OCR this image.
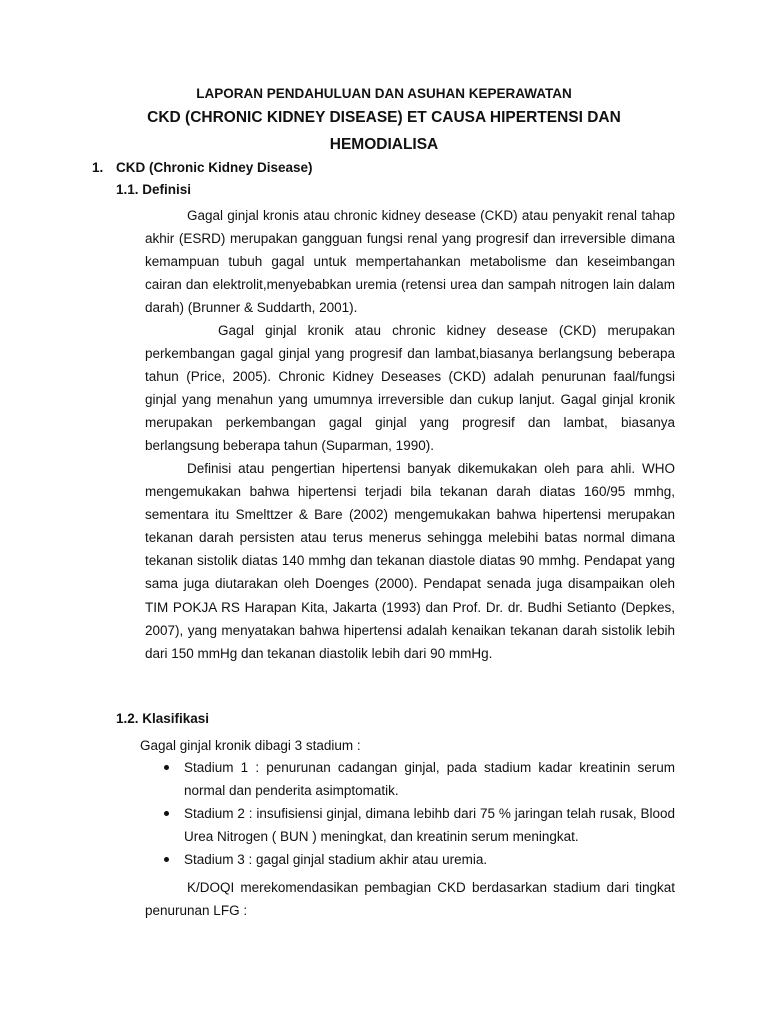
LAPORAN PENDAHULUAN DAN ASUHAN KEPERAWATAN
CKD (CHRONIC KIDNEY DISEASE) ET CAUSA HIPERTENSI DAN
HEMODIALISA
1. CKD (Chronic Kidney Disease)
1.1. Definisi

Gagal ginjal kronis atau chronic kidney desease (CKD) atau penyakit renal tahap akhir (ESRD) merupakan gangguan fungsi renal yang progresif dan irreversible dimana kemampuan tubuh gagal untuk mempertahankan metabolisme dan keseimbangan cairan dan elektrolit,menyebabkan uremia (retensi urea dan sampah nitrogen lain dalam darah) (Brunner & Suddarth, 2001).

Gagal ginjal kronik atau chronic kidney desease (CKD) merupakan perkembangan gagal ginjal yang progresif dan lambat,biasanya berlangsung beberapa tahun (Price, 2005). Chronic Kidney Deseases (CKD) adalah penurunan faal/fungsi ginjal yang menahun yang umumnya irreversible dan cukup lanjut. Gagal ginjal kronik merupakan perkembangan gagal ginjal yang progresif dan lambat, biasanya berlangsung beberapa tahun (Suparman, 1990).

Definisi atau pengertian hipertensi banyak dikemukakan oleh para ahli. WHO mengemukakan bahwa hipertensi terjadi bila tekanan darah diatas 160/95 mmhg, sementara itu Smelttzer & Bare (2002) mengemukakan bahwa hipertensi merupakan tekanan darah persisten atau terus menerus sehingga melebihi batas normal dimana tekanan sistolik diatas 140 mmhg dan tekanan diastole diatas 90 mmhg. Pendapat yang sama juga diutarakan oleh Doenges (2000). Pendapat senada juga disampaikan oleh TIM POKJA RS Harapan Kita, Jakarta (1993) dan Prof. Dr. dr. Budhi Setianto (Depkes, 2007), yang menyatakan bahwa hipertensi adalah kenaikan tekanan darah sistolik lebih dari 150 mmHg dan tekanan diastolik lebih dari 90 mmHg.

1.2. Klasifikasi

Gagal ginjal kronik dibagi 3 stadium :

Stadium 1 : penurunan cadangan ginjal, pada stadium kadar kreatinin serum normal dan penderita asimptomatik.
Stadium 2 : insufisiensi ginjal, dimana lebihb dari 75 % jaringan telah rusak, Blood Urea Nitrogen ( BUN ) meningkat, dan kreatinin serum meningkat.
Stadium 3 : gagal ginjal stadium akhir atau uremia.

K/DOQI merekomendasikan pembagian CKD berdasarkan stadium dari tingkat penurunan LFG :
